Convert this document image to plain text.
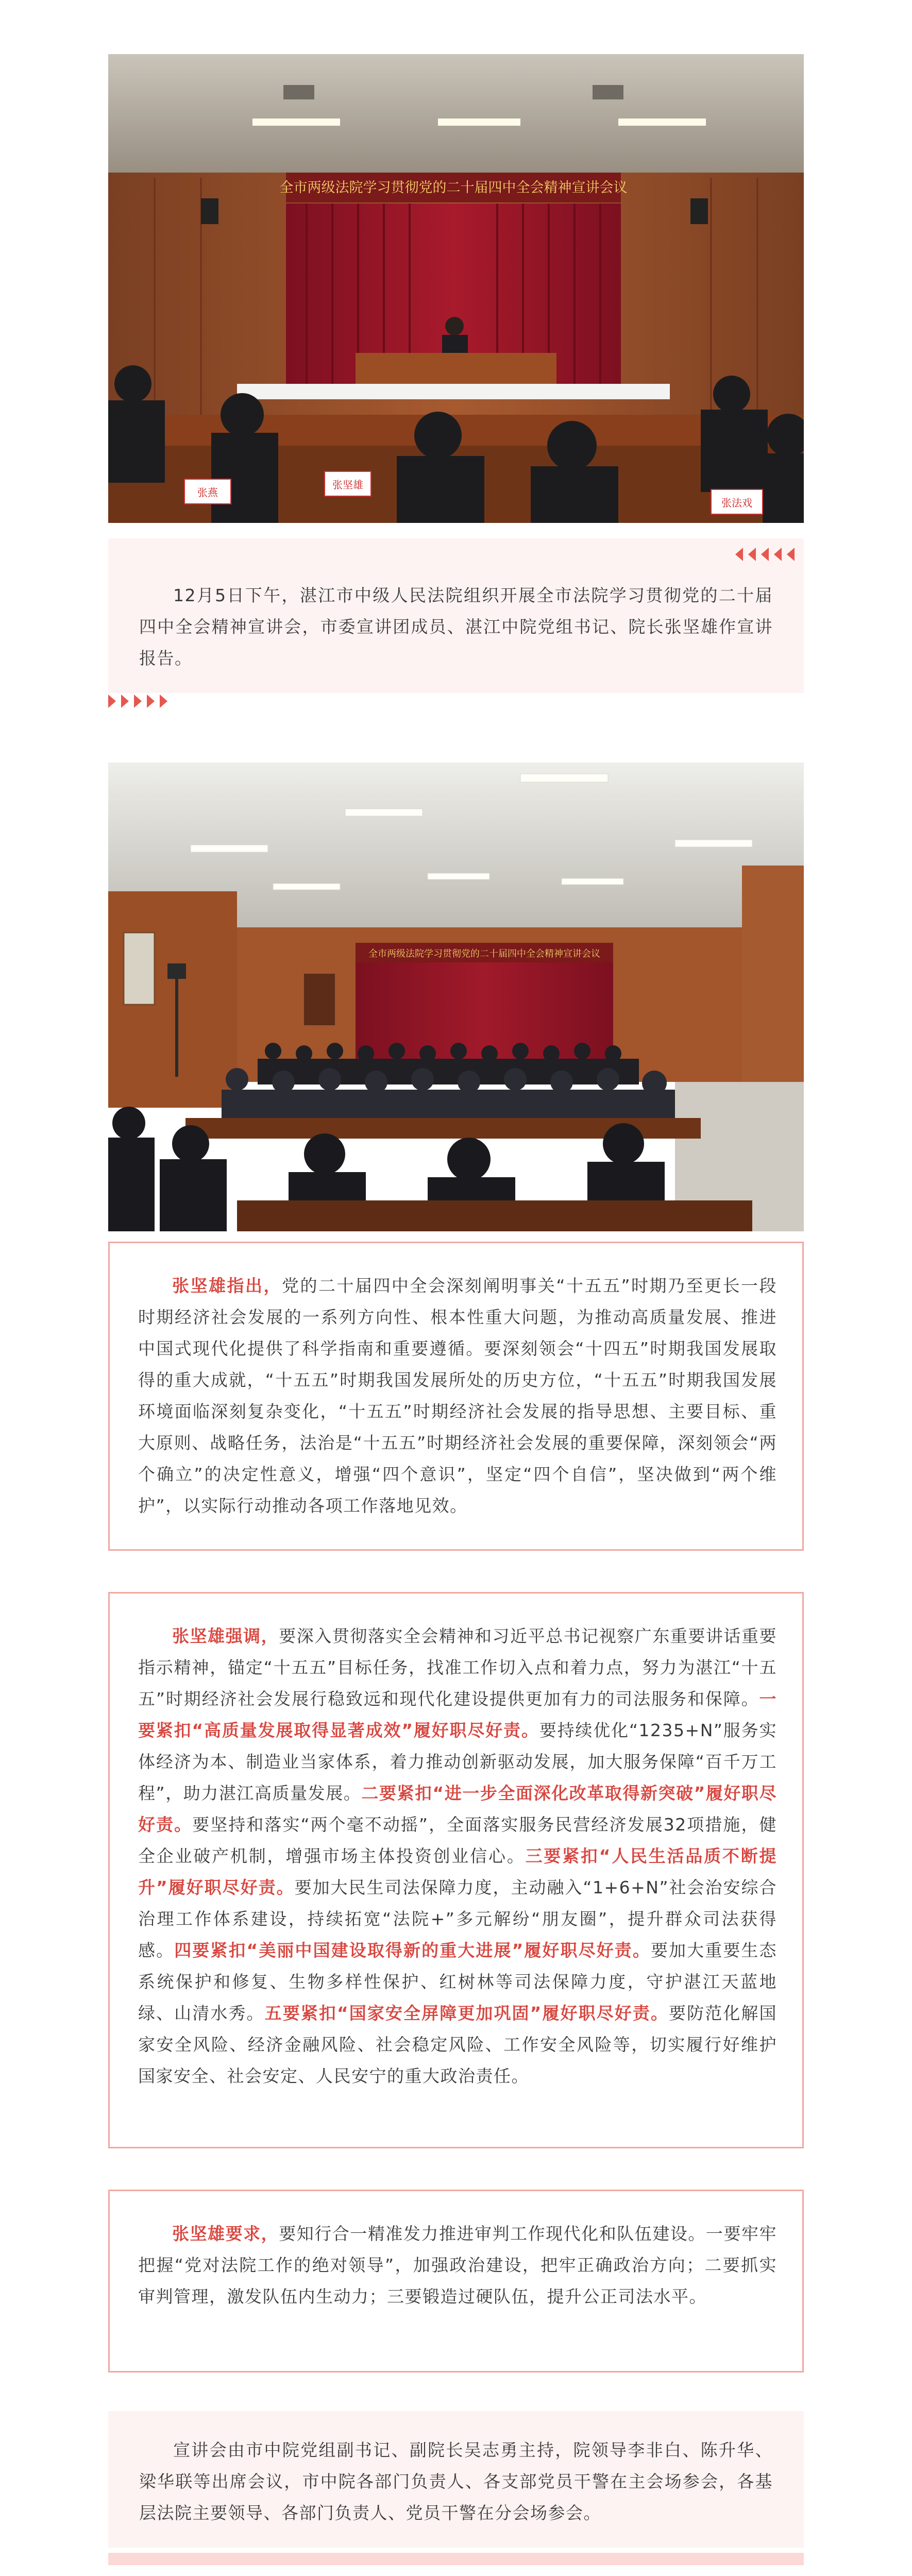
全市两级法院学习贯彻党的二十届四中全会精神宣讲会议
张燕
张坚雄
张法戏

12月5日下午，湛江市中级人民法院组织开展全市法院学习贯彻党的二十届四中全会精神宣讲会，市委宣讲团成员、湛江中院党组书记、院长张坚雄作宣讲报告。

全市两级法院学习贯彻党的二十届四中全会精神宣讲会议

张坚雄指出，党的二十届四中全会深刻阐明事关“十五五”时期乃至更长一段时期经济社会发展的一系列方向性、根本性重大问题，为推动高质量发展、推进中国式现代化提供了科学指南和重要遵循。要深刻领会“十四五”时期我国发展取得的重大成就，“十五五”时期我国发展所处的历史方位，“十五五”时期我国发展环境面临深刻复杂变化，“十五五”时期经济社会发展的指导思想、主要目标、重大原则、战略任务，法治是“十五五”时期经济社会发展的重要保障，深刻领会“两个确立”的决定性意义，增强“四个意识”，坚定“四个自信”，坚决做到“两个维护”，以实际行动推动各项工作落地见效。

张坚雄强调，要深入贯彻落实全会精神和习近平总书记视察广东重要讲话重要指示精神，锚定“十五五”目标任务，找准工作切入点和着力点，努力为湛江“十五五”时期经济社会发展行稳致远和现代化建设提供更加有力的司法服务和保障。一要紧扣“高质量发展取得显著成效”履好职尽好责。要持续优化“1235+N”服务实体经济为本、制造业当家体系，着力推动创新驱动发展，加大服务保障“百千万工程”，助力湛江高质量发展。二要紧扣“进一步全面深化改革取得新突破”履好职尽好责。要坚持和落实“两个毫不动摇”，全面落实服务民营经济发展32项措施，健全企业破产机制，增强市场主体投资创业信心。三要紧扣“人民生活品质不断提升”履好职尽好责。要加大民生司法保障力度，主动融入“1+6+N”社会治安综合治理工作体系建设，持续拓宽“法院+”多元解纷“朋友圈”，提升群众司法获得感。四要紧扣“美丽中国建设取得新的重大进展”履好职尽好责。要加大重要生态系统保护和修复、生物多样性保护、红树林等司法保障力度，守护湛江天蓝地绿、山清水秀。五要紧扣“国家安全屏障更加巩固”履好职尽好责。要防范化解国家安全风险、经济金融风险、社会稳定风险、工作安全风险等，切实履行好维护国家安全、社会安定、人民安宁的重大政治责任。

张坚雄要求，要知行合一精准发力推进审判工作现代化和队伍建设。一要牢牢把握“党对法院工作的绝对领导”，加强政治建设，把牢正确政治方向；二要抓实审判管理，激发队伍内生动力；三要锻造过硬队伍，提升公正司法水平。

宣讲会由市中院党组副书记、副院长吴志勇主持，院领导李非白、陈升华、梁华联等出席会议，市中院各部门负责人、各支部党员干警在主会场参会，各基层法院主要领导、各部门负责人、党员干警在分会场参会。
